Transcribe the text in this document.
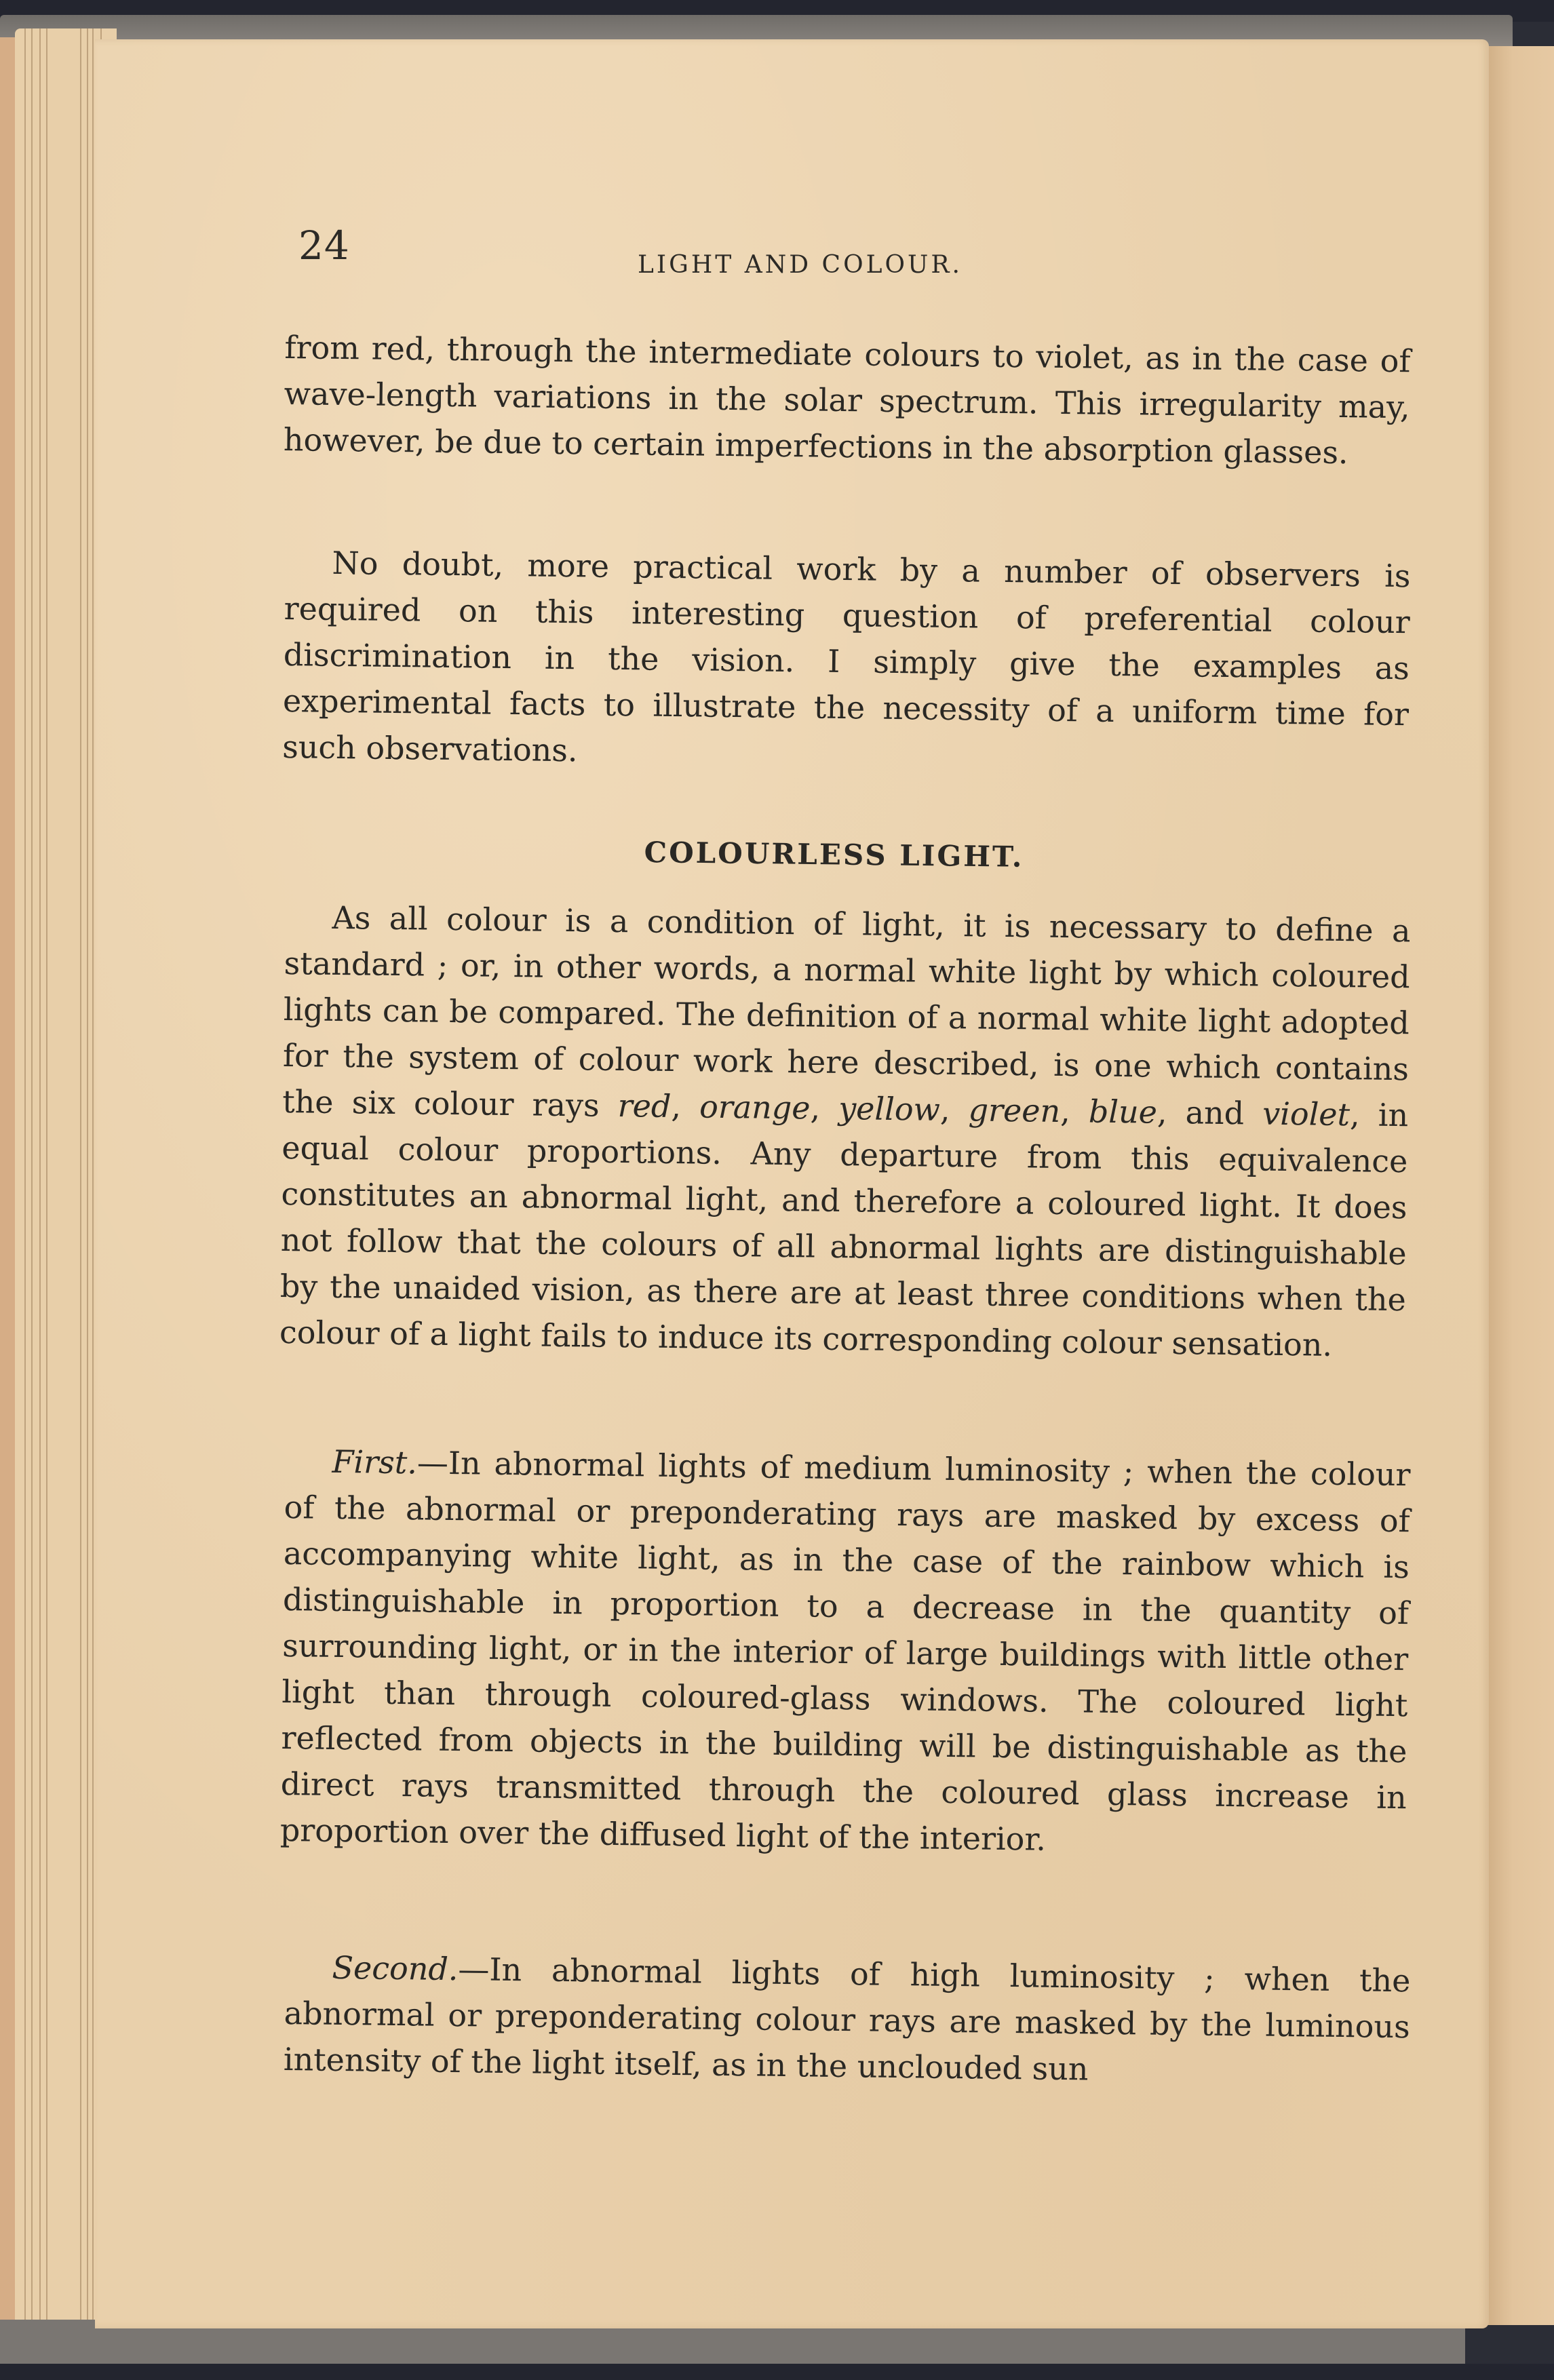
24	LIGHT AND COLOUR.

from red, through the intermediate colours to violet, as in the case of wave-length variations in the solar spectrum. This irregularity may, however, be due to certain imperfections in the absorption glasses.

No doubt, more practical work by a number of observers is required on this interesting question of preferential colour discrimination in the vision. I simply give the examples as experimental facts to illustrate the necessity of a uniform time for such observations.

COLOURLESS LIGHT.

As all colour is a condition of light, it is necessary to define a standard ; or, in other words, a normal white light by which coloured lights can be compared. The definition of a normal white light adopted for the system of colour work here described, is one which contains the six colour rays red, orange, yellow, green, blue, and violet, in equal colour proportions. Any departure from this equivalence constitutes an abnormal light, and therefore a coloured light. It does not follow that the colours of all abnormal lights are distinguishable by the unaided vision, as there are at least three conditions when the colour of a light fails to induce its corresponding colour sensation.

First.—In abnormal lights of medium luminosity ; when the colour of the abnormal or preponderating rays are masked by excess of accompanying white light, as in the case of the rainbow which is distinguishable in proportion to a decrease in the quantity of surrounding light, or in the interior of large buildings with little other light than through coloured-glass windows. The coloured light reflected from objects in the building will be distinguishable as the direct rays transmitted through the coloured glass increase in proportion over the diffused light of the interior.

Second.—In abnormal lights of high luminosity ; when the abnormal or preponderating colour rays are masked by the luminous intensity of the light itself, as in the unclouded sun
